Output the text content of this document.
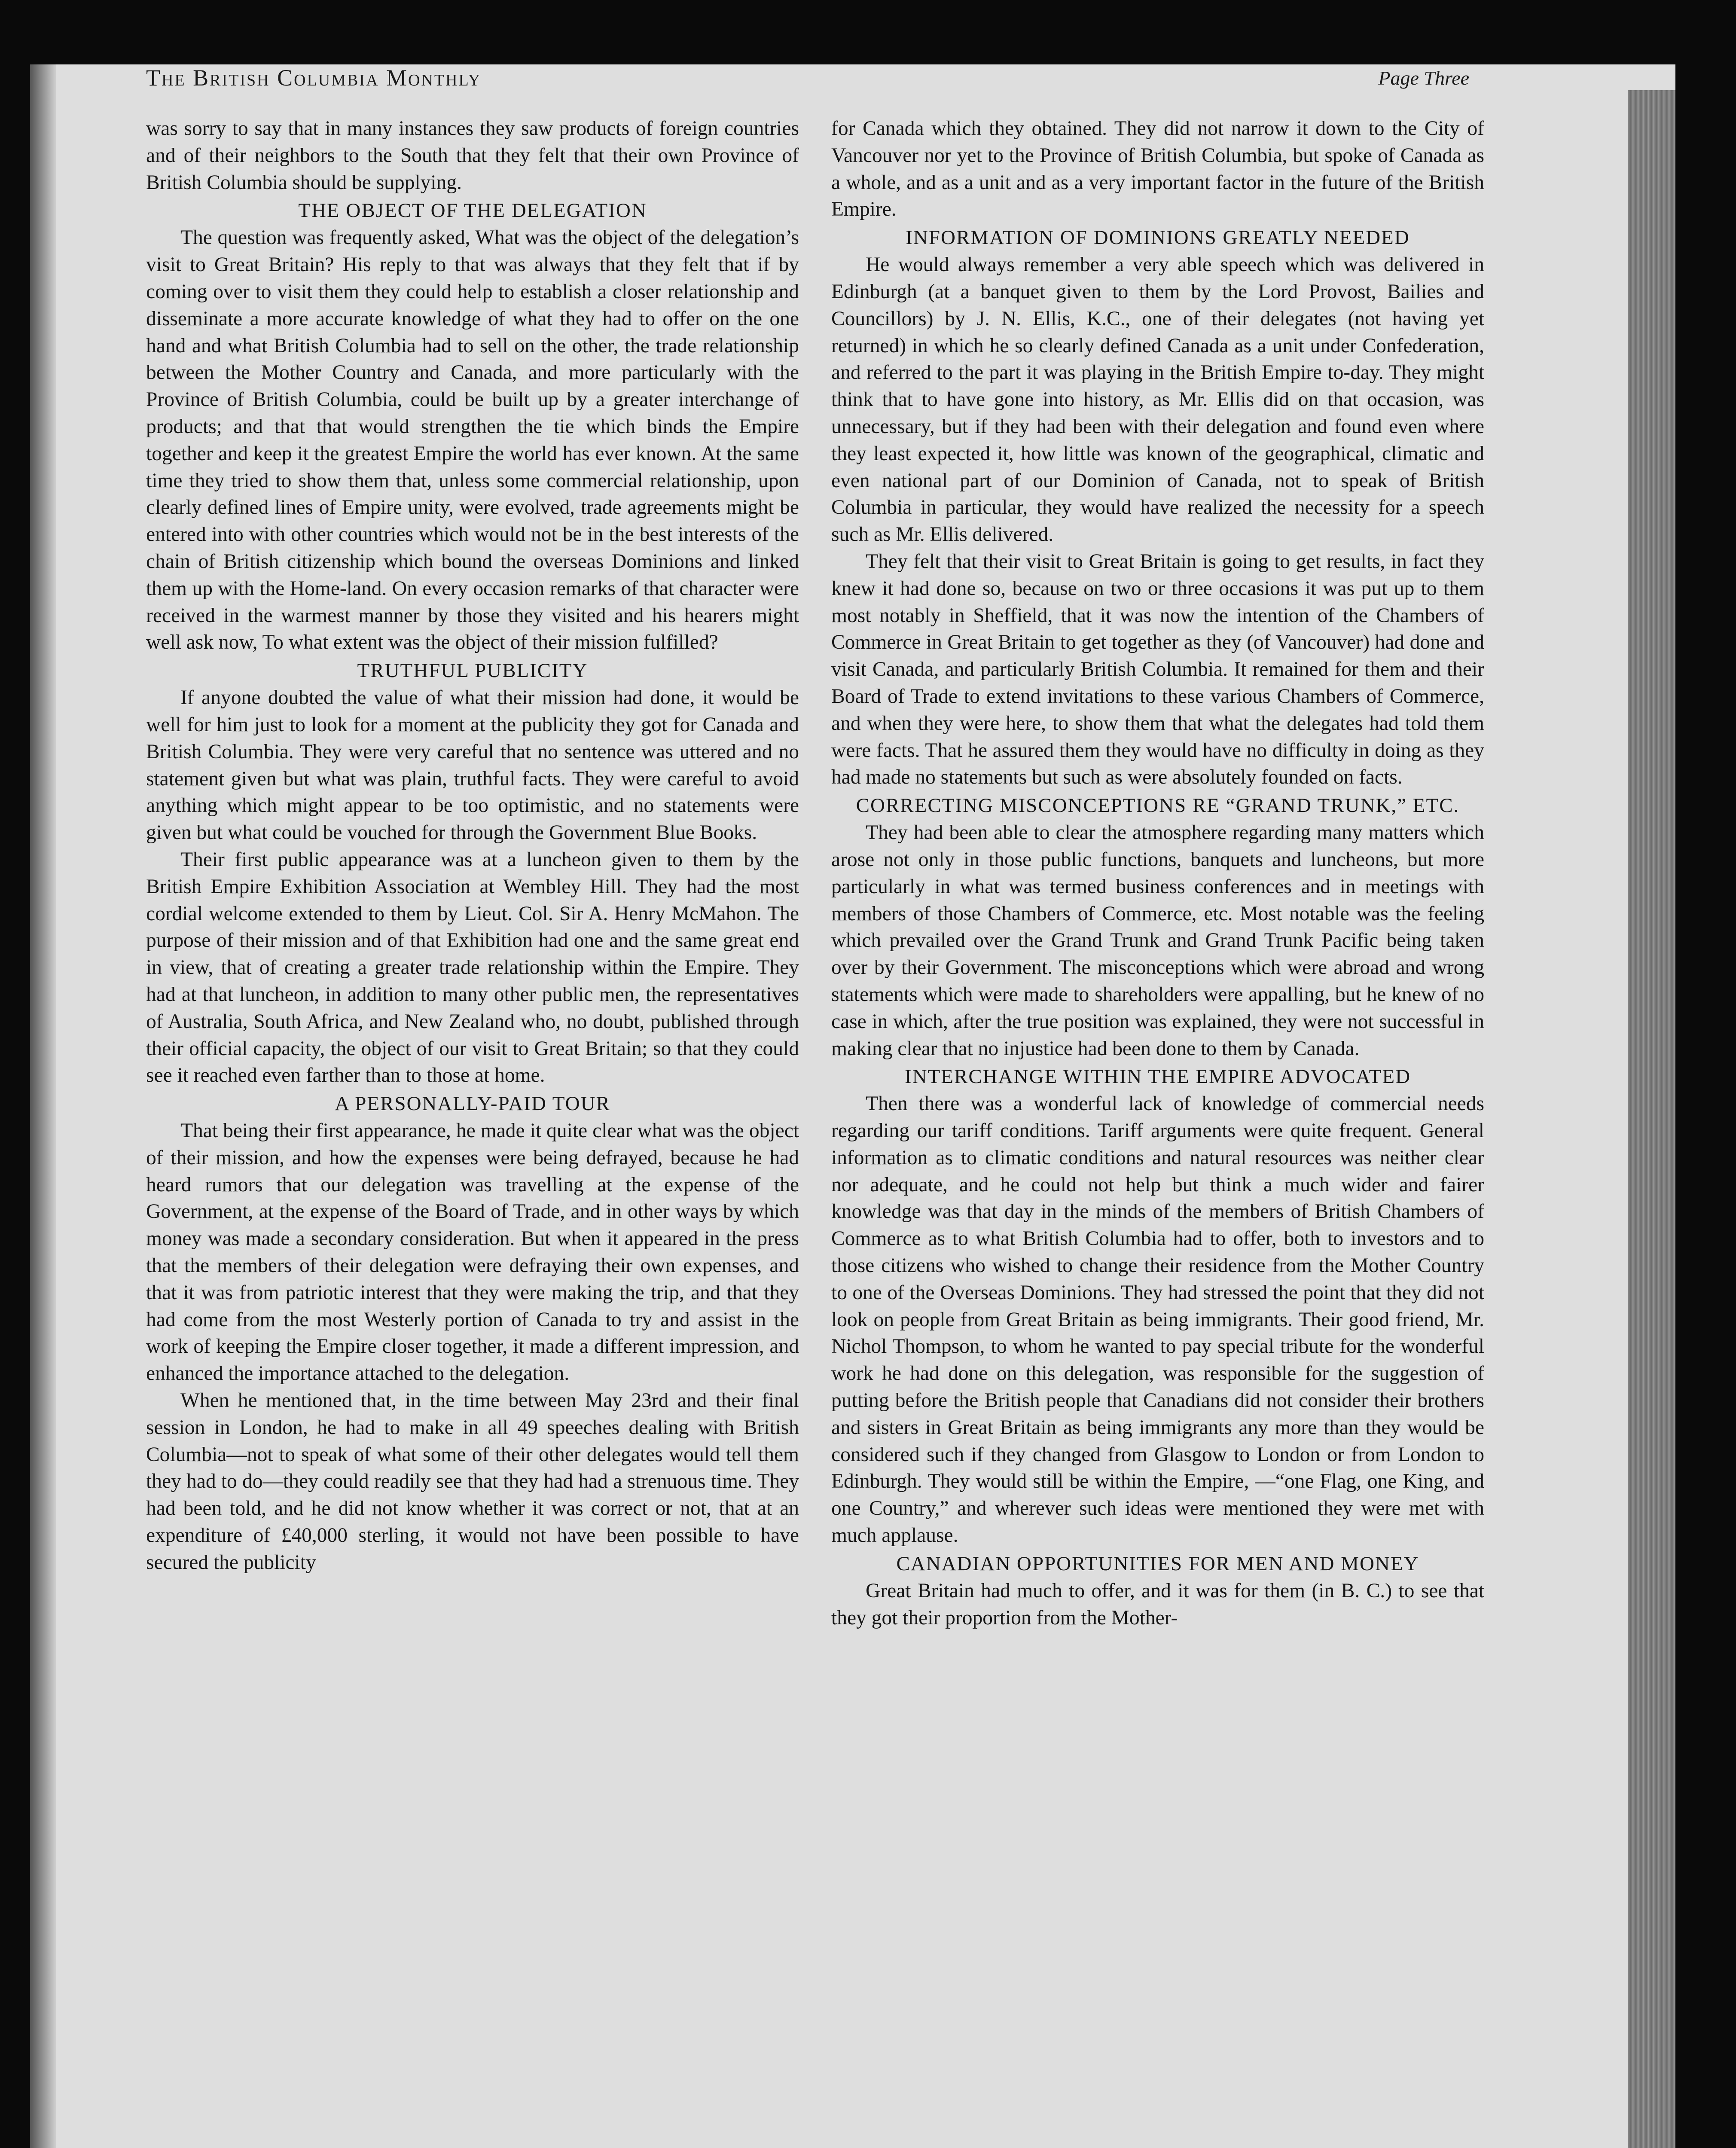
The British Columbia Monthly	Page Three

was sorry to say that in many instances they saw products of foreign countries and of their neighbors to the South that they felt that their own Province of British Columbia should be supplying.

THE OBJECT OF THE DELEGATION

The question was frequently asked, What was the object of the delegation’s visit to Great Britain? His reply to that was always that they felt that if by coming over to visit them they could help to establish a closer relationship and disseminate a more accurate knowledge of what they had to offer on the one hand and what British Columbia had to sell on the other, the trade relationship between the Mother Country and Canada, and more particularly with the Province of British Columbia, could be built up by a greater interchange of products; and that that would strengthen the tie which binds the Empire together and keep it the greatest Empire the world has ever known. At the same time they tried to show them that, unless some commercial relationship, upon clearly defined lines of Empire unity, were evolved, trade agreements might be entered into with other countries which would not be in the best interests of the chain of British citizenship which bound the overseas Dominions and linked them up with the Home-land. On every occasion remarks of that character were received in the warmest manner by those they visited and his hearers might well ask now, To what extent was the object of their mission fulfilled?

TRUTHFUL PUBLICITY

If anyone doubted the value of what their mission had done, it would be well for him just to look for a moment at the publicity they got for Canada and British Columbia. They were very careful that no sentence was uttered and no statement given but what was plain, truthful facts. They were careful to avoid anything which might appear to be too optimistic, and no statements were given but what could be vouched for through the Government Blue Books.

Their first public appearance was at a luncheon given to them by the British Empire Exhibition Association at Wembley Hill. They had the most cordial welcome extended to them by Lieut. Col. Sir A. Henry McMahon. The purpose of their mission and of that Exhibition had one and the same great end in view, that of creating a greater trade relationship within the Empire. They had at that luncheon, in addition to many other public men, the representatives of Australia, South Africa, and New Zealand who, no doubt, published through their official capacity, the object of our visit to Great Britain; so that they could see it reached even farther than to those at home.

A PERSONALLY-PAID TOUR

That being their first appearance, he made it quite clear what was the object of their mission, and how the expenses were being defrayed, because he had heard rumors that our delegation was travelling at the expense of the Government, at the expense of the Board of Trade, and in other ways by which money was made a secondary consideration. But when it appeared in the press that the members of their delegation were defraying their own expenses, and that it was from patriotic interest that they were making the trip, and that they had come from the most Westerly portion of Canada to try and assist in the work of keeping the Empire closer together, it made a different impression, and enhanced the importance attached to the delegation.

When he mentioned that, in the time between May 23rd and their final session in London, he had to make in all 49 speeches dealing with British Columbia—not to speak of what some of their other delegates would tell them they had to do—they could readily see that they had had a strenuous time. They had been told, and he did not know whether it was correct or not, that at an expenditure of £40,000 sterling, it would not have been possible to have secured the publicity

for Canada which they obtained. They did not narrow it down to the City of Vancouver nor yet to the Province of British Columbia, but spoke of Canada as a whole, and as a unit and as a very important factor in the future of the British Empire.

INFORMATION OF DOMINIONS GREATLY NEEDED

He would always remember a very able speech which was delivered in Edinburgh (at a banquet given to them by the Lord Provost, Bailies and Councillors) by J. N. Ellis, K.C., one of their delegates (not having yet returned) in which he so clearly defined Canada as a unit under Confederation, and referred to the part it was playing in the British Empire to-day. They might think that to have gone into history, as Mr. Ellis did on that occasion, was unnecessary, but if they had been with their delegation and found even where they least expected it, how little was known of the geographical, climatic and even national part of our Dominion of Canada, not to speak of British Columbia in particular, they would have realized the necessity for a speech such as Mr. Ellis delivered.

They felt that their visit to Great Britain is going to get results, in fact they knew it had done so, because on two or three occasions it was put up to them most notably in Sheffield, that it was now the intention of the Chambers of Commerce in Great Britain to get together as they (of Vancouver) had done and visit Canada, and particularly British Columbia. It remained for them and their Board of Trade to extend invitations to these various Chambers of Commerce, and when they were here, to show them that what the delegates had told them were facts. That he assured them they would have no difficulty in doing as they had made no statements but such as were absolutely founded on facts.

CORRECTING MISCONCEPTIONS RE “GRAND TRUNK,” ETC.

They had been able to clear the atmosphere regarding many matters which arose not only in those public functions, banquets and luncheons, but more particularly in what was termed business conferences and in meetings with members of those Chambers of Commerce, etc. Most notable was the feeling which prevailed over the Grand Trunk and Grand Trunk Pacific being taken over by their Government. The misconceptions which were abroad and wrong statements which were made to shareholders were appalling, but he knew of no case in which, after the true position was explained, they were not successful in making clear that no injustice had been done to them by Canada.

INTERCHANGE WITHIN THE EMPIRE ADVOCATED

Then there was a wonderful lack of knowledge of commercial needs regarding our tariff conditions. Tariff arguments were quite frequent. General information as to climatic conditions and natural resources was neither clear nor adequate, and he could not help but think a much wider and fairer knowledge was that day in the minds of the members of British Chambers of Commerce as to what British Columbia had to offer, both to investors and to those citizens who wished to change their residence from the Mother Country to one of the Overseas Dominions. They had stressed the point that they did not look on people from Great Britain as being immigrants. Their good friend, Mr. Nichol Thompson, to whom he wanted to pay special tribute for the wonderful work he had done on this delegation, was responsible for the suggestion of putting before the British people that Canadians did not consider their brothers and sisters in Great Britain as being immigrants any more than they would be considered such if they changed from Glasgow to London or from London to Edinburgh. They would still be within the Empire, —“one Flag, one King, and one Country,” and wherever such ideas were mentioned they were met with much applause.

CANADIAN OPPORTUNITIES FOR MEN AND MONEY

Great Britain had much to offer, and it was for them (in B. C.) to see that they got their proportion from the Mother-
